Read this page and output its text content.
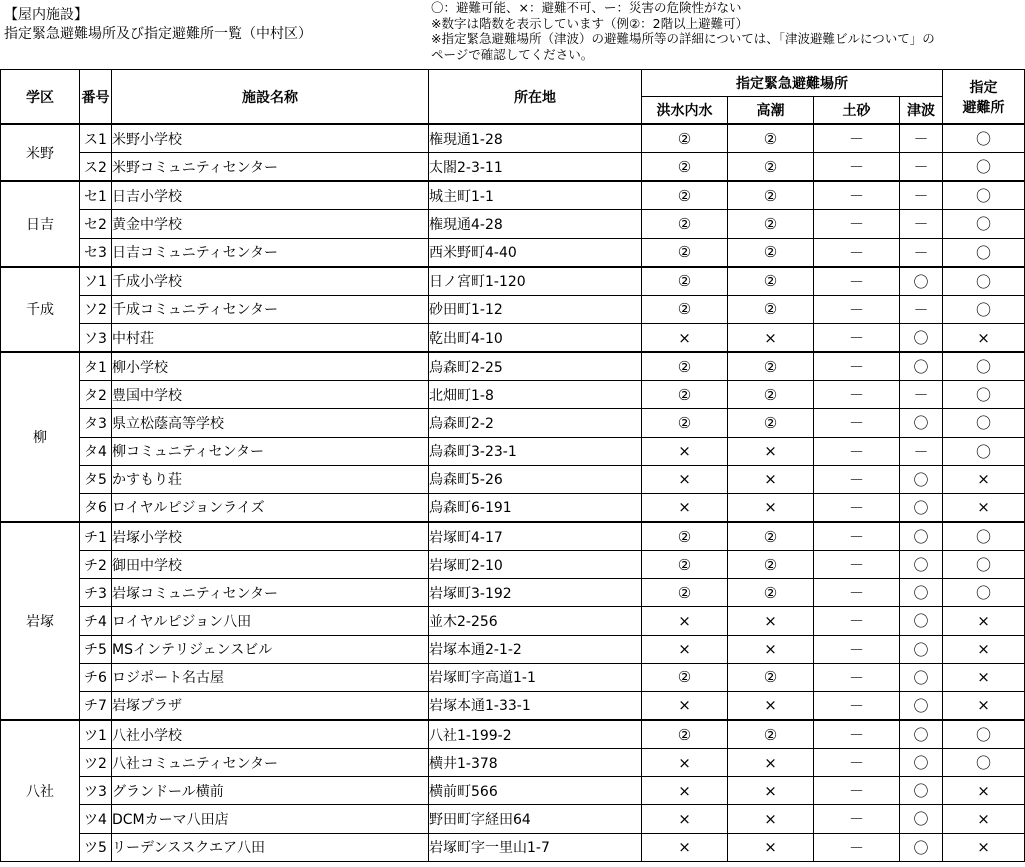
【屋内施設】
指定緊急避難場所及び指定避難所一覧（中村区）
〇：避難可能、×：避難不可、ー：災害の危険性がない
※数字は階数を表示しています（例②：2階以上避難可）
※指定緊急避難場所（津波）の避難場所等の詳細については、「津波避難ビルについて」の
ページで確認してください。
学区	番号	施設名称	所在地	指定緊急避難場所				指定
避難所

				洪水内水	高潮	土砂	津波	
米野	ス1	米野小学校	権現通1-28	②	②	－	－	〇
	ス2	米野コミュニティセンター	太閤2-3-11	②	②	－	－	〇
日吉	セ1	日吉小学校	城主町1-1	②	②	－	－	〇
	セ2	黄金中学校	権現通4-28	②	②	－	－	〇
	セ3	日吉コミュニティセンター	西米野町4-40	②	②	－	－	〇
千成	ソ1	千成小学校	日ノ宮町1-120	②	②	－	〇	〇
	ソ2	千成コミュニティセンター	砂田町1-12	②	②	－	－	〇
	ソ3	中村荘	乾出町4-10	×	×	－	〇	×
柳	タ1	柳小学校	烏森町2-25	②	②	－	〇	〇
	タ2	豊国中学校	北畑町1-8	②	②	－	－	〇
	タ3	県立松蔭高等学校	烏森町2-2	②	②	－	〇	〇
	タ4	柳コミュニティセンター	烏森町3-23-1	×	×	－	－	〇
	タ5	かすもり荘	烏森町5-26	×	×	－	〇	×
	タ6	ロイヤルピジョンライズ	烏森町6-191	×	×	－	〇	×
岩塚	チ1	岩塚小学校	岩塚町4-17	②	②	－	〇	〇
	チ2	御田中学校	岩塚町2-10	②	②	－	〇	〇
	チ3	岩塚コミュニティセンター	岩塚町3-192	②	②	－	〇	〇
	チ4	ロイヤルピジョン八田	並木2-256	×	×	－	〇	×
	チ5	MSインテリジェンスビル	岩塚本通2-1-2	×	×	－	〇	×
	チ6	ロジポート名古屋	岩塚町字高道1-1	②	②	－	〇	×
	チ7	岩塚プラザ	岩塚本通1-33-1	×	×	－	〇	×
八社	ツ1	八社小学校	八社1-199-2	②	②	－	〇	〇
	ツ2	八社コミュニティセンター	横井1-378	×	×	－	〇	〇
	ツ3	グランドール横前	横前町566	×	×	－	〇	×
	ツ4	DCMカーマ八田店	野田町字経田64	×	×	－	〇	×
	ツ5	リーデンススクエア八田	岩塚町字一里山1-7	×	×	－	〇	×
